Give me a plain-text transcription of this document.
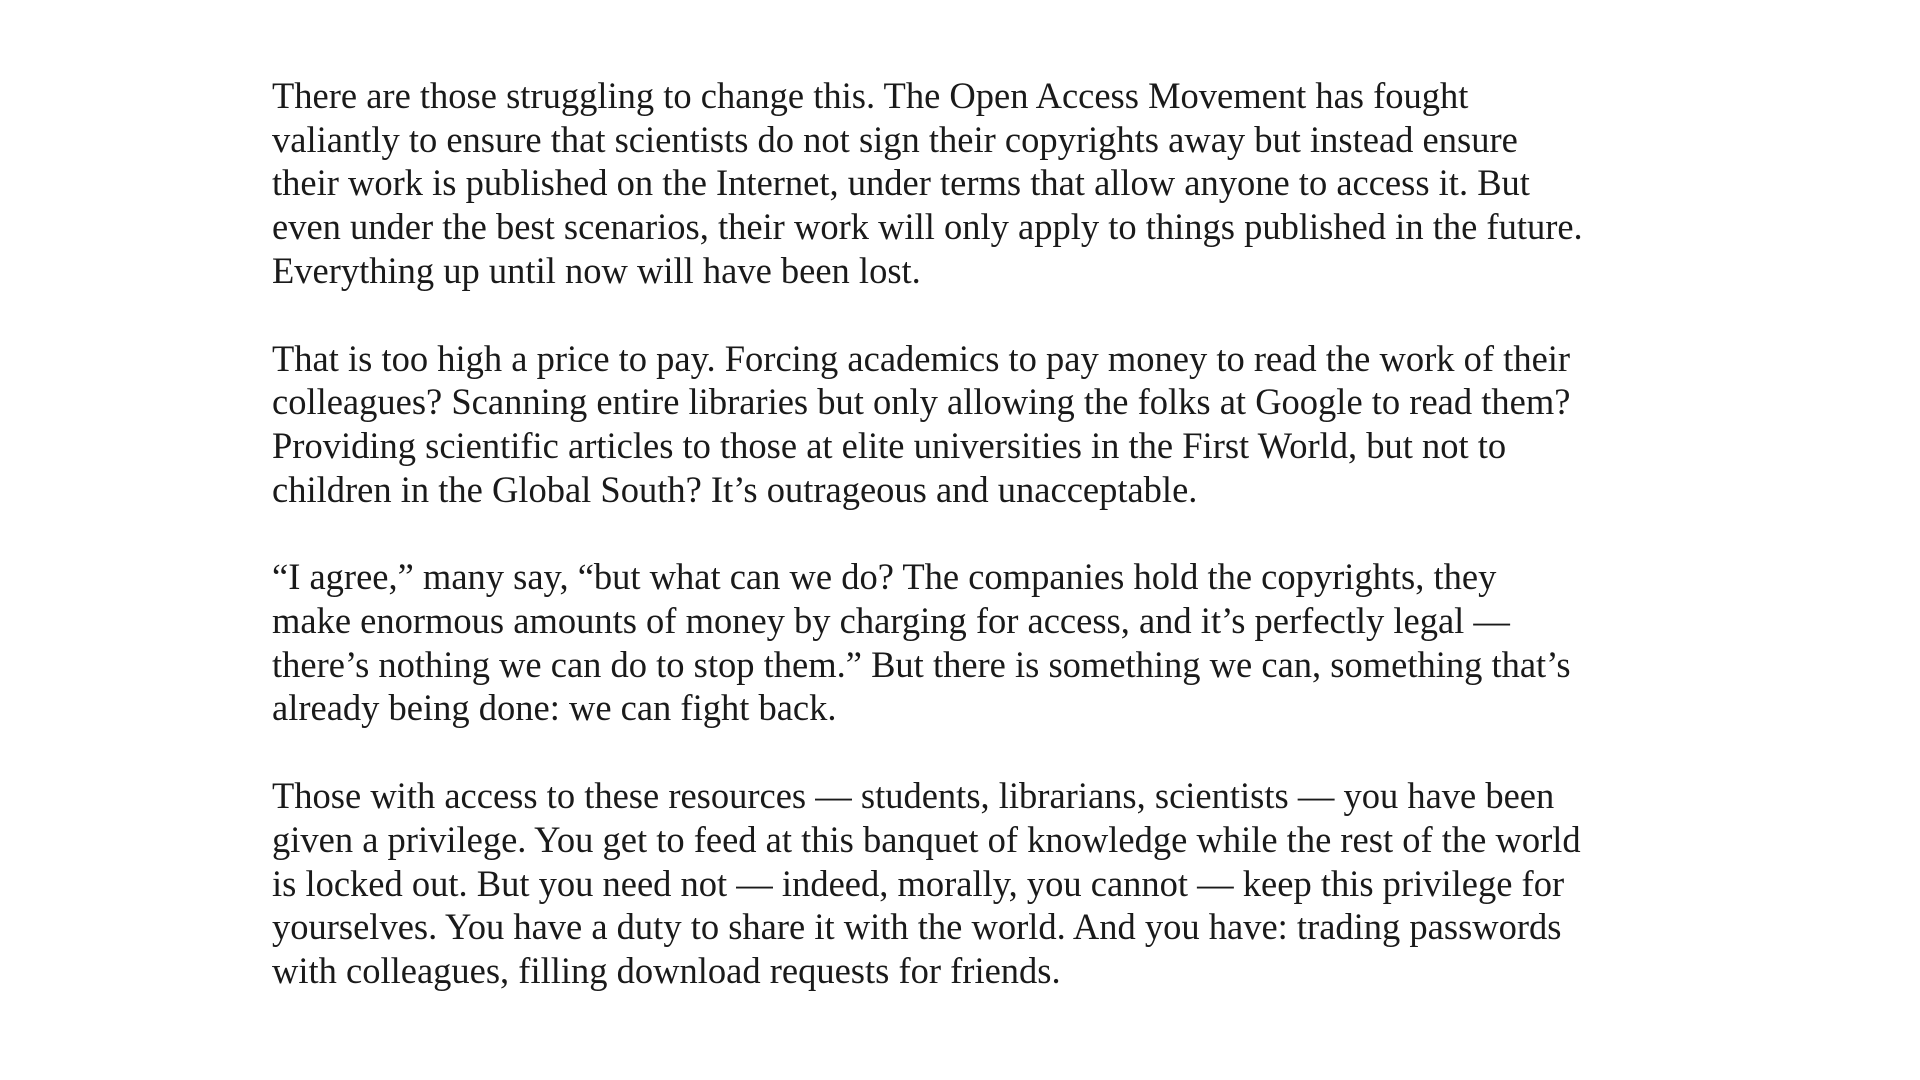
There are those struggling to change this. The Open Access Movement has fought
valiantly to ensure that scientists do not sign their copyrights away but instead ensure
their work is published on the Internet, under terms that allow anyone to access it. But
even under the best scenarios, their work will only apply to things published in the future.
Everything up until now will have been lost.

That is too high a price to pay. Forcing academics to pay money to read the work of their
colleagues? Scanning entire libraries but only allowing the folks at Google to read them?
Providing scientific articles to those at elite universities in the First World, but not to
children in the Global South? It’s outrageous and unacceptable.

“I agree,” many say, “but what can we do? The companies hold the copyrights, they
make enormous amounts of money by charging for access, and it’s perfectly legal —
there’s nothing we can do to stop them.” But there is something we can, something that’s
already being done: we can fight back.

Those with access to these resources — students, librarians, scientists — you have been
given a privilege. You get to feed at this banquet of knowledge while the rest of the world
is locked out. But you need not — indeed, morally, you cannot — keep this privilege for
yourselves. You have a duty to share it with the world. And you have: trading passwords
with colleagues, filling download requests for friends.
